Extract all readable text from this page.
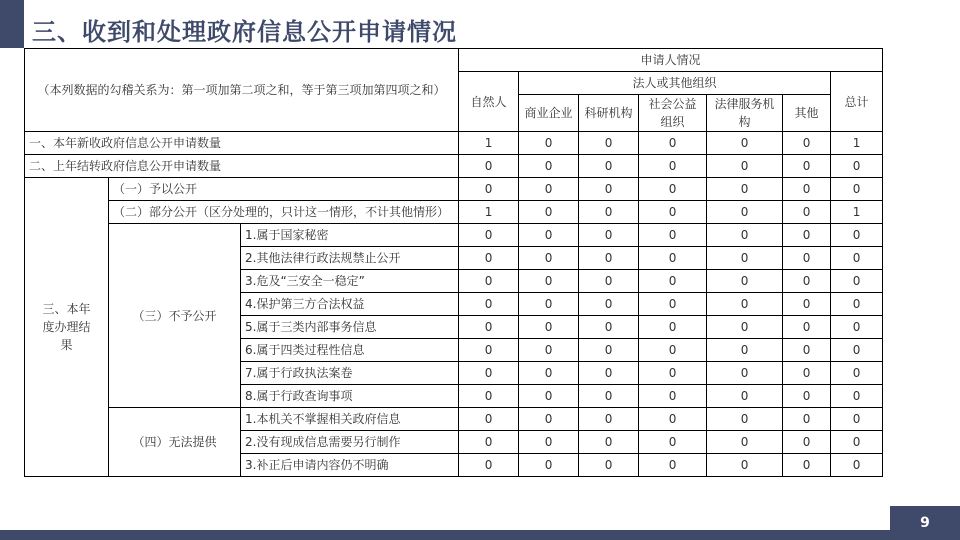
三、收到和处理政府信息公开申请情况
（本列数据的勾稽关系为：第一项加第二项之和，等于第三项加第四项之和）			申请人情况						
			自然人	法人或其他组织					总计
				商业企业	科研机构	社会公益组织	法律服务机构	其他	
一、本年新收政府信息公开申请数量			1	0	0	0	0	0	1
二、上年结转政府信息公开申请数量			0	0	0	0	0	0	0
三、本年度办理结果	（一）予以公开		0	0	0	0	0	0	0
	（二）部分公开（区分处理的，只计这一情形，不计其他情形）		1	0	0	0	0	0	1
	（三）不予公开	1.属于国家秘密	0	0	0	0	0	0	0
		2.其他法律行政法规禁止公开	0	0	0	0	0	0	0
		3.危及“三安全一稳定”	0	0	0	0	0	0	0
		4.保护第三方合法权益	0	0	0	0	0	0	0
		5.属于三类内部事务信息	0	0	0	0	0	0	0
		6.属于四类过程性信息	0	0	0	0	0	0	0
		7.属于行政执法案卷	0	0	0	0	0	0	0
		8.属于行政查询事项	0	0	0	0	0	0	0
	（四）无法提供	1.本机关不掌握相关政府信息	0	0	0	0	0	0	0
		2.没有现成信息需要另行制作	0	0	0	0	0	0	0
		3.补正后申请内容仍不明确	0	0	0	0	0	0	0
9
